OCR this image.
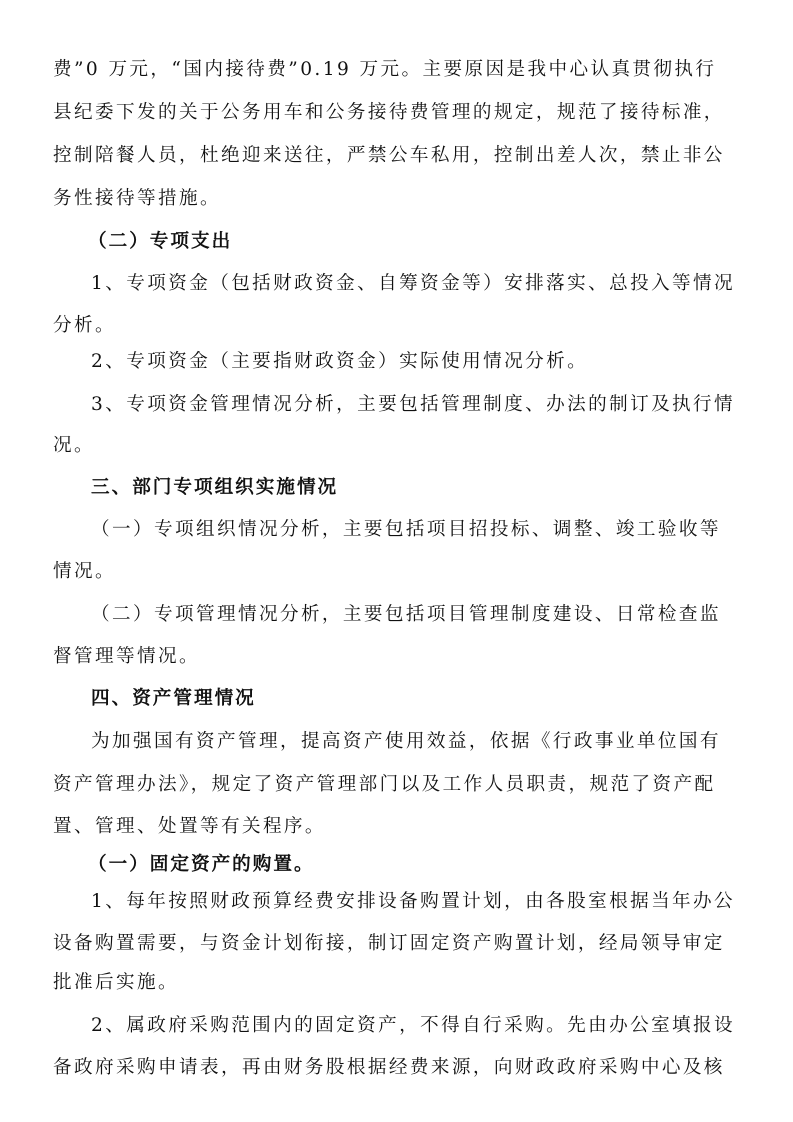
费”0 万元，“国内接待费”0.19 万元。主要原因是我中心认真贯彻执行
县纪委下发的关于公务用车和公务接待费管理的规定，规范了接待标准，
控制陪餐人员，杜绝迎来送往，严禁公车私用，控制出差人次，禁止非公
务性接待等措施。
（二）专项支出
1、专项资金（包括财政资金、自筹资金等）安排落实、总投入等情况
分析。
2、专项资金（主要指财政资金）实际使用情况分析。
3、专项资金管理情况分析，主要包括管理制度、办法的制订及执行情
况。
三、部门专项组织实施情况
（一）专项组织情况分析，主要包括项目招投标、调整、竣工验收等
情况。
（二）专项管理情况分析，主要包括项目管理制度建设、日常检查监
督管理等情况。
四、资产管理情况
为加强国有资产管理，提高资产使用效益，依据《行政事业单位国有
资产管理办法》，规定了资产管理部门以及工作人员职责，规范了资产配
置、管理、处置等有关程序。
（一）固定资产的购置。
1、每年按照财政预算经费安排设备购置计划，由各股室根据当年办公
设备购置需要，与资金计划衔接，制订固定资产购置计划，经局领导审定
批准后实施。
2、属政府采购范围内的固定资产，不得自行采购。先由办公室填报设
备政府采购申请表，再由财务股根据经费来源，向财政政府采购中心及核
